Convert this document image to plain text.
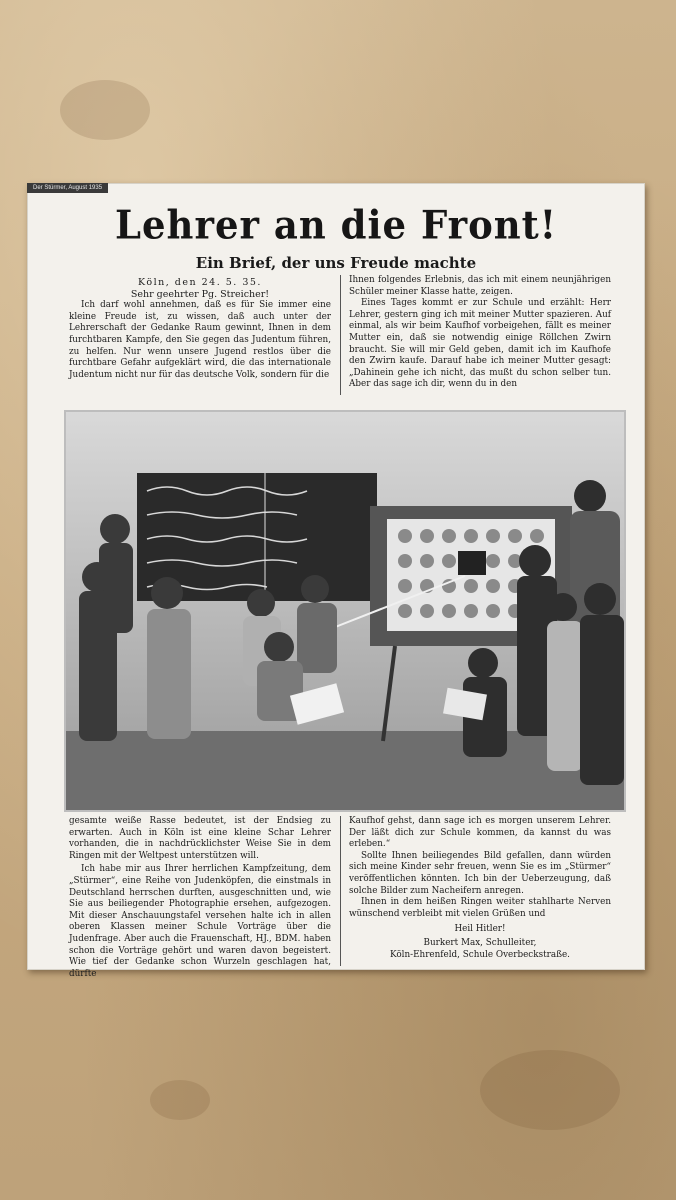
Der Stürmer, August 1935
Lehrer an die Front!
Ein Brief, der uns Freude machte

Köln, den 24. 5. 35.

Sehr geehrter Pg. Streicher!

Ich darf wohl annehmen, daß es für Sie immer eine kleine Freude ist, zu wissen, daß auch unter der Lehrerschaft der Gedanke Raum gewinnt, Ihnen in dem furchtbaren Kampfe, den Sie gegen das Judentum führen, zu helfen. Nur wenn unsere Jugend restlos über die furchtbare Gefahr aufgeklärt wird, die das internationale Judentum nicht nur für das deutsche Volk, sondern für die

Ihnen folgendes Erlebnis, das ich mit einem neunjährigen Schüler meiner Klasse hatte, zeigen.

Eines Tages kommt er zur Schule und erzählt: Herr Lehrer, gestern ging ich mit meiner Mutter spazieren. Auf einmal, als wir beim Kaufhof vorbeigehen, fällt es meiner Mutter ein, daß sie notwendig einige Röllchen Zwirn braucht. Sie will mir Geld geben, damit ich im Kaufhofe den Zwirn kaufe. Darauf habe ich meiner Mutter gesagt: „Dahinein gehe ich nicht, das mußt du schon selber tun. Aber das sage ich dir, wenn du in den

gesamte weiße Rasse bedeutet, ist der Endsieg zu erwarten. Auch in Köln ist eine kleine Schar Lehrer vorhanden, die in nachdrücklichster Weise Sie in dem Ringen mit der Weltpest unterstützen will.

Ich habe mir aus Ihrer herrlichen Kampfzeitung, dem „Stürmer“, eine Reihe von Judenköpfen, die einstmals in Deutschland herrschen durften, ausgeschnitten und, wie Sie aus beiliegender Photographie ersehen, aufgezogen. Mit dieser Anschauungstafel versehen halte ich in allen oberen Klassen meiner Schule Vorträge über die Judenfrage. Aber auch die Frauenschaft, HJ., BDM. haben schon die Vorträge gehört und waren davon begeistert. Wie tief der Gedanke schon Wurzeln geschlagen hat, dürfte

Kaufhof gehst, dann sage ich es morgen unserem Lehrer. Der läßt dich zur Schule kommen, da kannst du was erleben.“

Sollte Ihnen beiliegendes Bild gefallen, dann würden sich meine Kinder sehr freuen, wenn Sie es im „Stürmer“ veröffentlichen könnten. Ich bin der Ueberzeugung, daß solche Bilder zum Nacheifern anregen.

Ihnen in dem heißen Ringen weiter stahlharte Nerven wünschend verbleibt mit vielen Grüßen und

Heil Hitler!

Burkert Max, Schulleiter,

Köln-Ehrenfeld, Schule Overbeckstraße.
